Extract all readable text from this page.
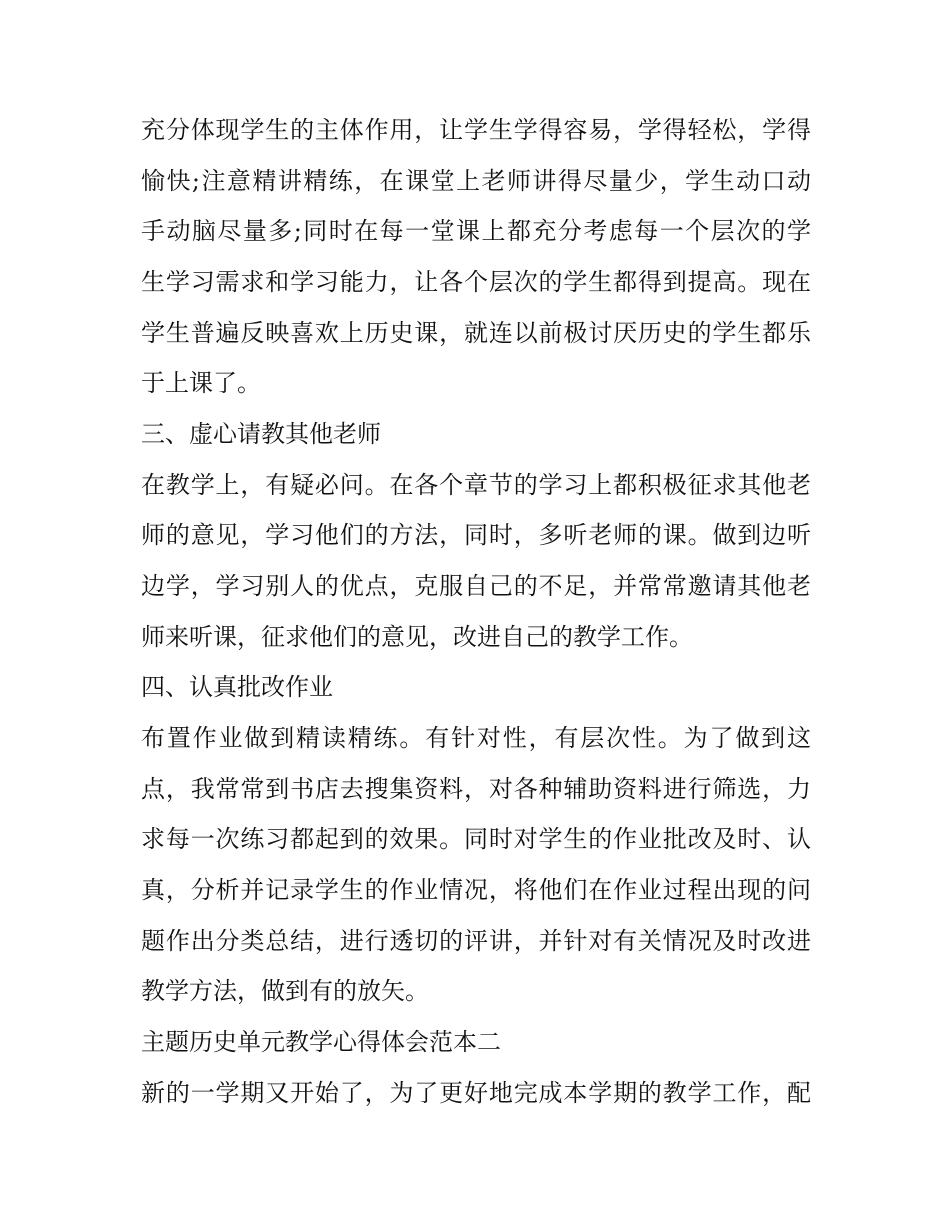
充分体现学生的主体作用，让学生学得容易，学得轻松，学得
愉快;注意精讲精练，在课堂上老师讲得尽量少，学生动口动
手动脑尽量多;同时在每一堂课上都充分考虑每一个层次的学
生学习需求和学习能力，让各个层次的学生都得到提高。现在
学生普遍反映喜欢上历史课，就连以前极讨厌历史的学生都乐
于上课了。
三、虚心请教其他老师
在教学上，有疑必问。在各个章节的学习上都积极征求其他老
师的意见，学习他们的方法，同时，多听老师的课。做到边听
边学，学习别人的优点，克服自己的不足，并常常邀请其他老
师来听课，征求他们的意见，改进自己的教学工作。
四、认真批改作业
布置作业做到精读精练。有针对性，有层次性。为了做到这
点，我常常到书店去搜集资料，对各种辅助资料进行筛选，力
求每一次练习都起到的效果。同时对学生的作业批改及时、认
真，分析并记录学生的作业情况，将他们在作业过程出现的问
题作出分类总结，进行透切的评讲，并针对有关情况及时改进
教学方法，做到有的放矢。
主题历史单元教学心得体会范本二
新的一学期又开始了，为了更好地完成本学期的教学工作，配
